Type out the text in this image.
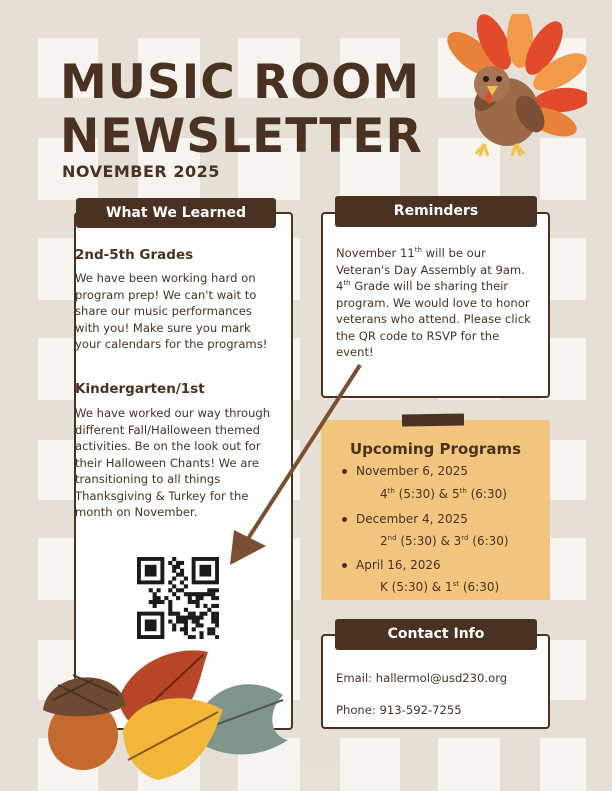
MUSIC ROOM
NEWSLETTER
NOVEMBER 2025
What We Learned
2nd-5th Grades
We have been working hard on
program prep! We can't wait to
share our music performances
with you! Make sure you mark
your calendars for the programs!
Kindergarten/1st
We have worked our way through
different Fall/Halloween themed
activities. Be on the look out for
their Halloween Chants! We are
transitioning to all things
Thanksgiving & Turkey for the
month on November.
Reminders
November 11th will be our
Veteran's Day Assembly at 9am.
4th Grade will be sharing their
program. We would love to honor
veterans who attend. Please click
the QR code to RSVP for the
event!
Upcoming Programs
November 6, 2025
4th (5:30) & 5th (6:30)
December 4, 2025
2nd (5:30) & 3rd (6:30)
April 16, 2026
K (5:30) & 1st (6:30)
Contact Info
Email: hallermol@usd230.org
Phone: 913-592-7255
